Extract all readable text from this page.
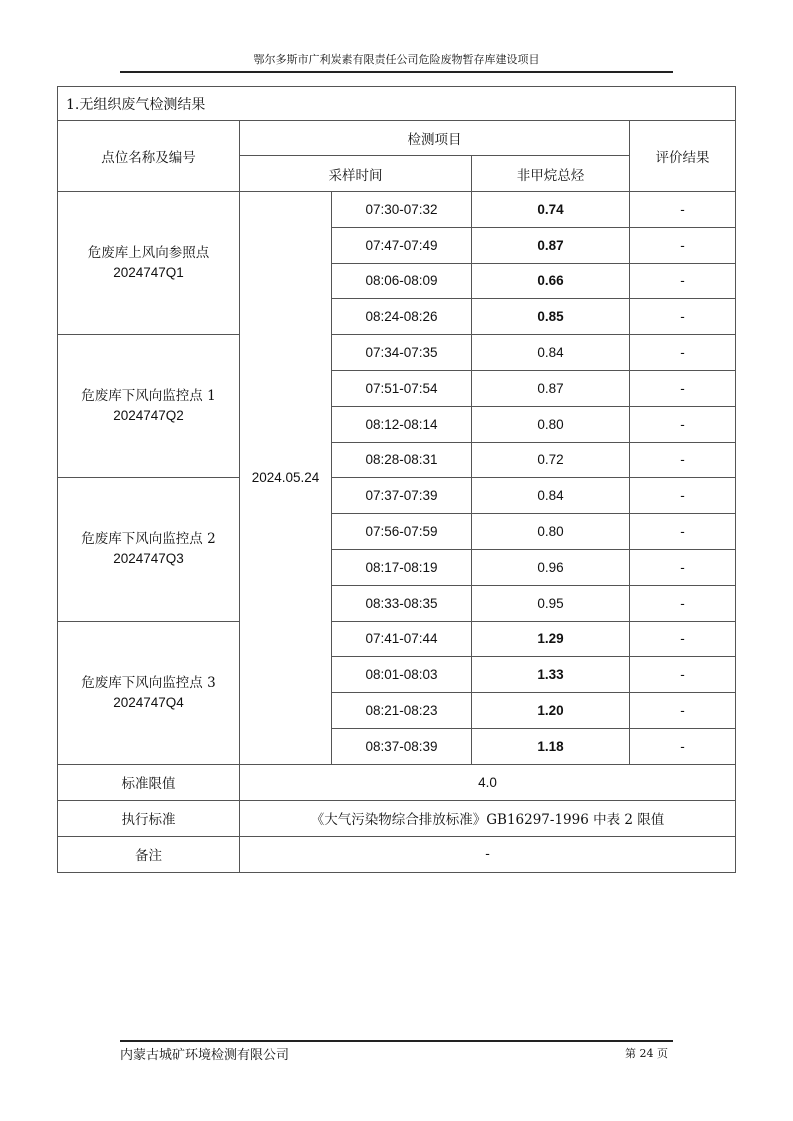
鄂尔多斯市广利炭素有限责任公司危险废物暂存库建设项目
1.无组织废气检测结果				
点位名称及编号	检测项目			评价结果
	采样时间		非甲烷总烃	

危废库上风向参照点
2024747Q1	2024.05.24	07:30-07:32	0.74	-
		07:47-07:49	0.87	-
		08:06-08:09	0.66	-
		08:24-08:26	0.85	-

危废库下风向监控点 1
2024747Q2		07:34-07:35	0.84	-
		07:51-07:54	0.87	-
		08:12-08:14	0.80	-
		08:28-08:31	0.72	-

危废库下风向监控点 2
2024747Q3		07:37-07:39	0.84	-
		07:56-07:59	0.80	-
		08:17-08:19	0.96	-
		08:33-08:35	0.95	-

危废库下风向监控点 3
2024747Q4		07:41-07:44	1.29	-
		08:01-08:03	1.33	-
		08:21-08:23	1.20	-
		08:37-08:39	1.18	-
标准限值	4.0			
执行标准	《大气污染物综合排放标准》GB16297-1996 中表 2 限值			
备注	-			
内蒙古城矿环境检测有限公司	第 24 页
